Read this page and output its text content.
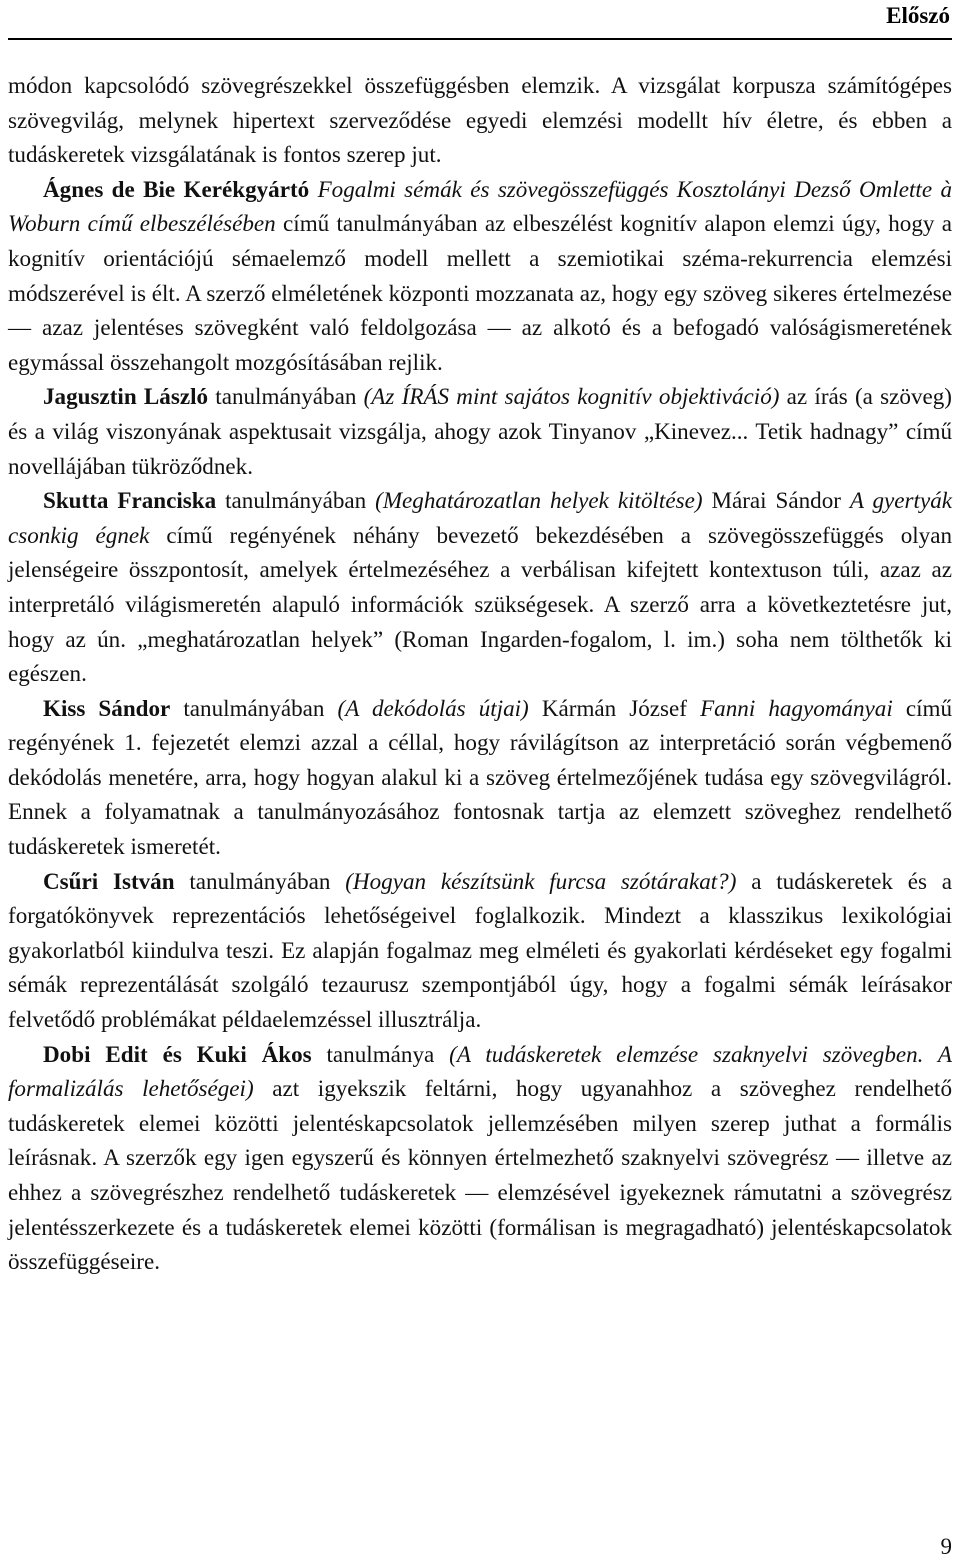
Előszó

módon kapcsolódó szövegrészekkel összefüggésben elemzik. A vizsgálat korpusza számítógépes szövegvilág, melynek hipertext szerveződése egyedi elemzési modellt hív életre, és ebben a tudáskeretek vizsgálatának is fontos szerep jut.

Ágnes de Bie Kerékgyártó Fogalmi sémák és szövegösszefüggés Kosztolányi Dezső Omlette à Woburn című elbeszélésében című tanulmányában az elbeszélést kognitív alapon elemzi úgy, hogy a kognitív orientációjú sémaelemző modell mellett a szemiotikai széma-rekurrencia elemzési módszerével is élt. A szerző elméletének központi mozzanata az, hogy egy szöveg sikeres értelmezése — azaz jelentéses szövegként való feldolgozása — az alkotó és a befogadó valóságismeretének egymással összehangolt mozgósításában rejlik.

Jagusztin László tanulmányában (Az ÍRÁS mint sajátos kognitív objektiváció) az írás (a szöveg) és a világ viszonyának aspektusait vizsgálja, ahogy azok Tinyanov „Kinevez... Tetik hadnagy” című novellájában tükröződnek.

Skutta Franciska tanulmányában (Meghatározatlan helyek kitöltése) Márai Sándor A gyertyák csonkig égnek című regényének néhány bevezető bekezdésében a szövegösszefüggés olyan jelenségeire összpontosít, amelyek értelmezéséhez a verbálisan kifejtett kontextuson túli, azaz az interpretáló világismeretén alapuló információk szükségesek. A szerző arra a következtetésre jut, hogy az ún. „meghatározatlan helyek” (Roman Ingarden-fogalom, l. im.) soha nem tölthetők ki egészen.

Kiss Sándor tanulmányában (A dekódolás útjai) Kármán József Fanni hagyományai című regényének 1. fejezetét elemzi azzal a céllal, hogy rávilágítson az interpretáció során végbemenő dekódolás menetére, arra, hogy hogyan alakul ki a szöveg értelmezőjének tudása egy szövegvilágról. Ennek a folyamatnak a tanulmányozásához fontosnak tartja az elemzett szöveghez rendelhető tudáskeretek ismeretét.

Csűri István tanulmányában (Hogyan készítsünk furcsa szótárakat?) a tudáskeretek és a forgatókönyvek reprezentációs lehetőségeivel foglalkozik. Mindezt a klasszikus lexikológiai gyakorlatból kiindulva teszi. Ez alapján fogalmaz meg elméleti és gyakorlati kérdéseket egy fogalmi sémák reprezentálását szolgáló tezaurusz szempontjából úgy, hogy a fogalmi sémák leírásakor felvetődő problémákat példaelemzéssel illusztrálja.

Dobi Edit és Kuki Ákos tanulmánya (A tudáskeretek elemzése szaknyelvi szövegben. A formalizálás lehetőségei) azt igyekszik feltárni, hogy ugyanahhoz a szöveghez rendelhető tudáskeretek elemei közötti jelentéskapcsolatok jellemzésében milyen szerep juthat a formális leírásnak. A szerzők egy igen egyszerű és könnyen értelmezhető szaknyelvi szövegrész — illetve az ehhez a szövegrészhez rendelhető tudáskeretek — elemzésével igyekeznek rámutatni a szövegrész jelentésszerkezete és a tudáskeretek elemei közötti (formálisan is megragadható) jelentéskapcsolatok összefüggéseire.

9
